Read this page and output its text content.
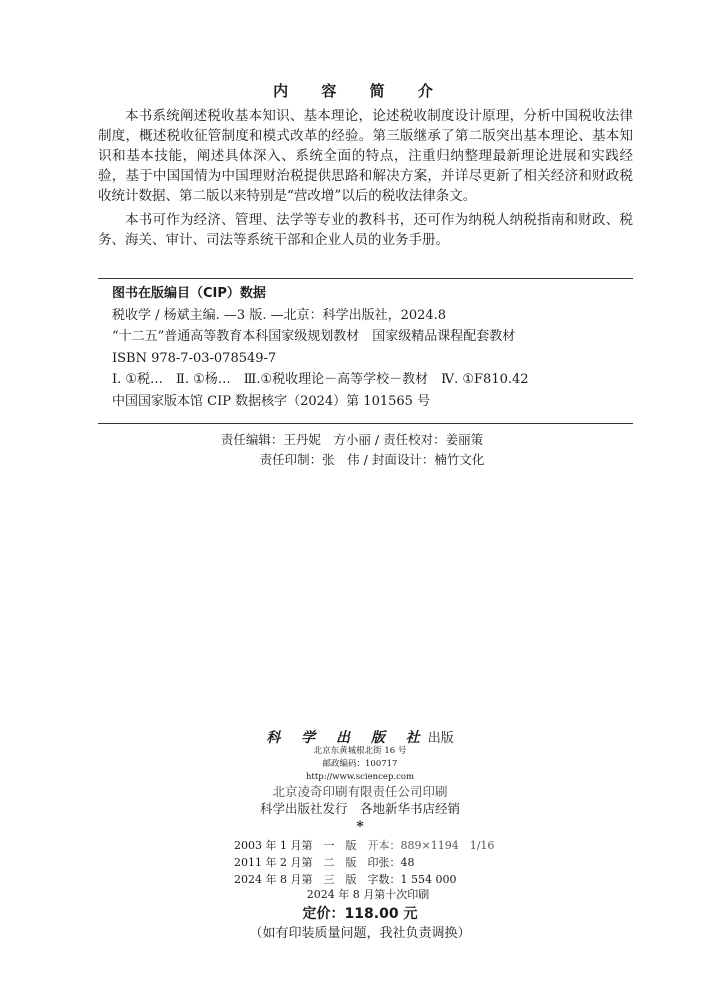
内 容 简 介

本书系统阐述税收基本知识、基本理论，论述税收制度设计原理，分析中国税收法律制度，概述税收征管制度和模式改革的经验。第三版继承了第二版突出基本理论、基本知识和基本技能，阐述具体深入、系统全面的特点，注重归纳整理最新理论进展和实践经验，基于中国国情为中国理财治税提供思路和解决方案，并详尽更新了相关经济和财政税收统计数据、第二版以来特别是“营改增”以后的税收法律条文。

本书可作为经济、管理、法学等专业的教科书，还可作为纳税人纳税指南和财政、税务、海关、审计、司法等系统干部和企业人员的业务手册。

图书在版编目（CIP）数据
税收学 / 杨斌主编. —3 版. —北京：科学出版社，2024.8
“十二五”普通高等教育本科国家级规划教材　国家级精品课程配套教材
ISBN 978-7-03-078549-7
Ⅰ. ①税…　Ⅱ. ①杨…　Ⅲ.①税收理论－高等学校－教材　Ⅳ. ①F810.42
中国国家版本馆 CIP 数据核字（2024）第 101565 号
责任编辑：王丹妮　方小丽 / 责任校对：姜丽策
责任印制：张　伟 / 封面设计：楠竹文化
科 学 出 版 社出版
北京东黄城根北街 16 号
邮政编码：100717
http://www.sciencep.com
北京凌奇印刷有限责任公司印刷
科学出版社发行　各地新华书店经销
*
2003 年 1 月第　一　版　 开本：889×1194　1/16
2011 年 2 月第　二　版　 印张：48
2024 年 8 月第　三　版　 字数：1 554 000
2024 年 8 月第十次印刷
定价：118.00 元
（如有印装质量问题，我社负责调换）
